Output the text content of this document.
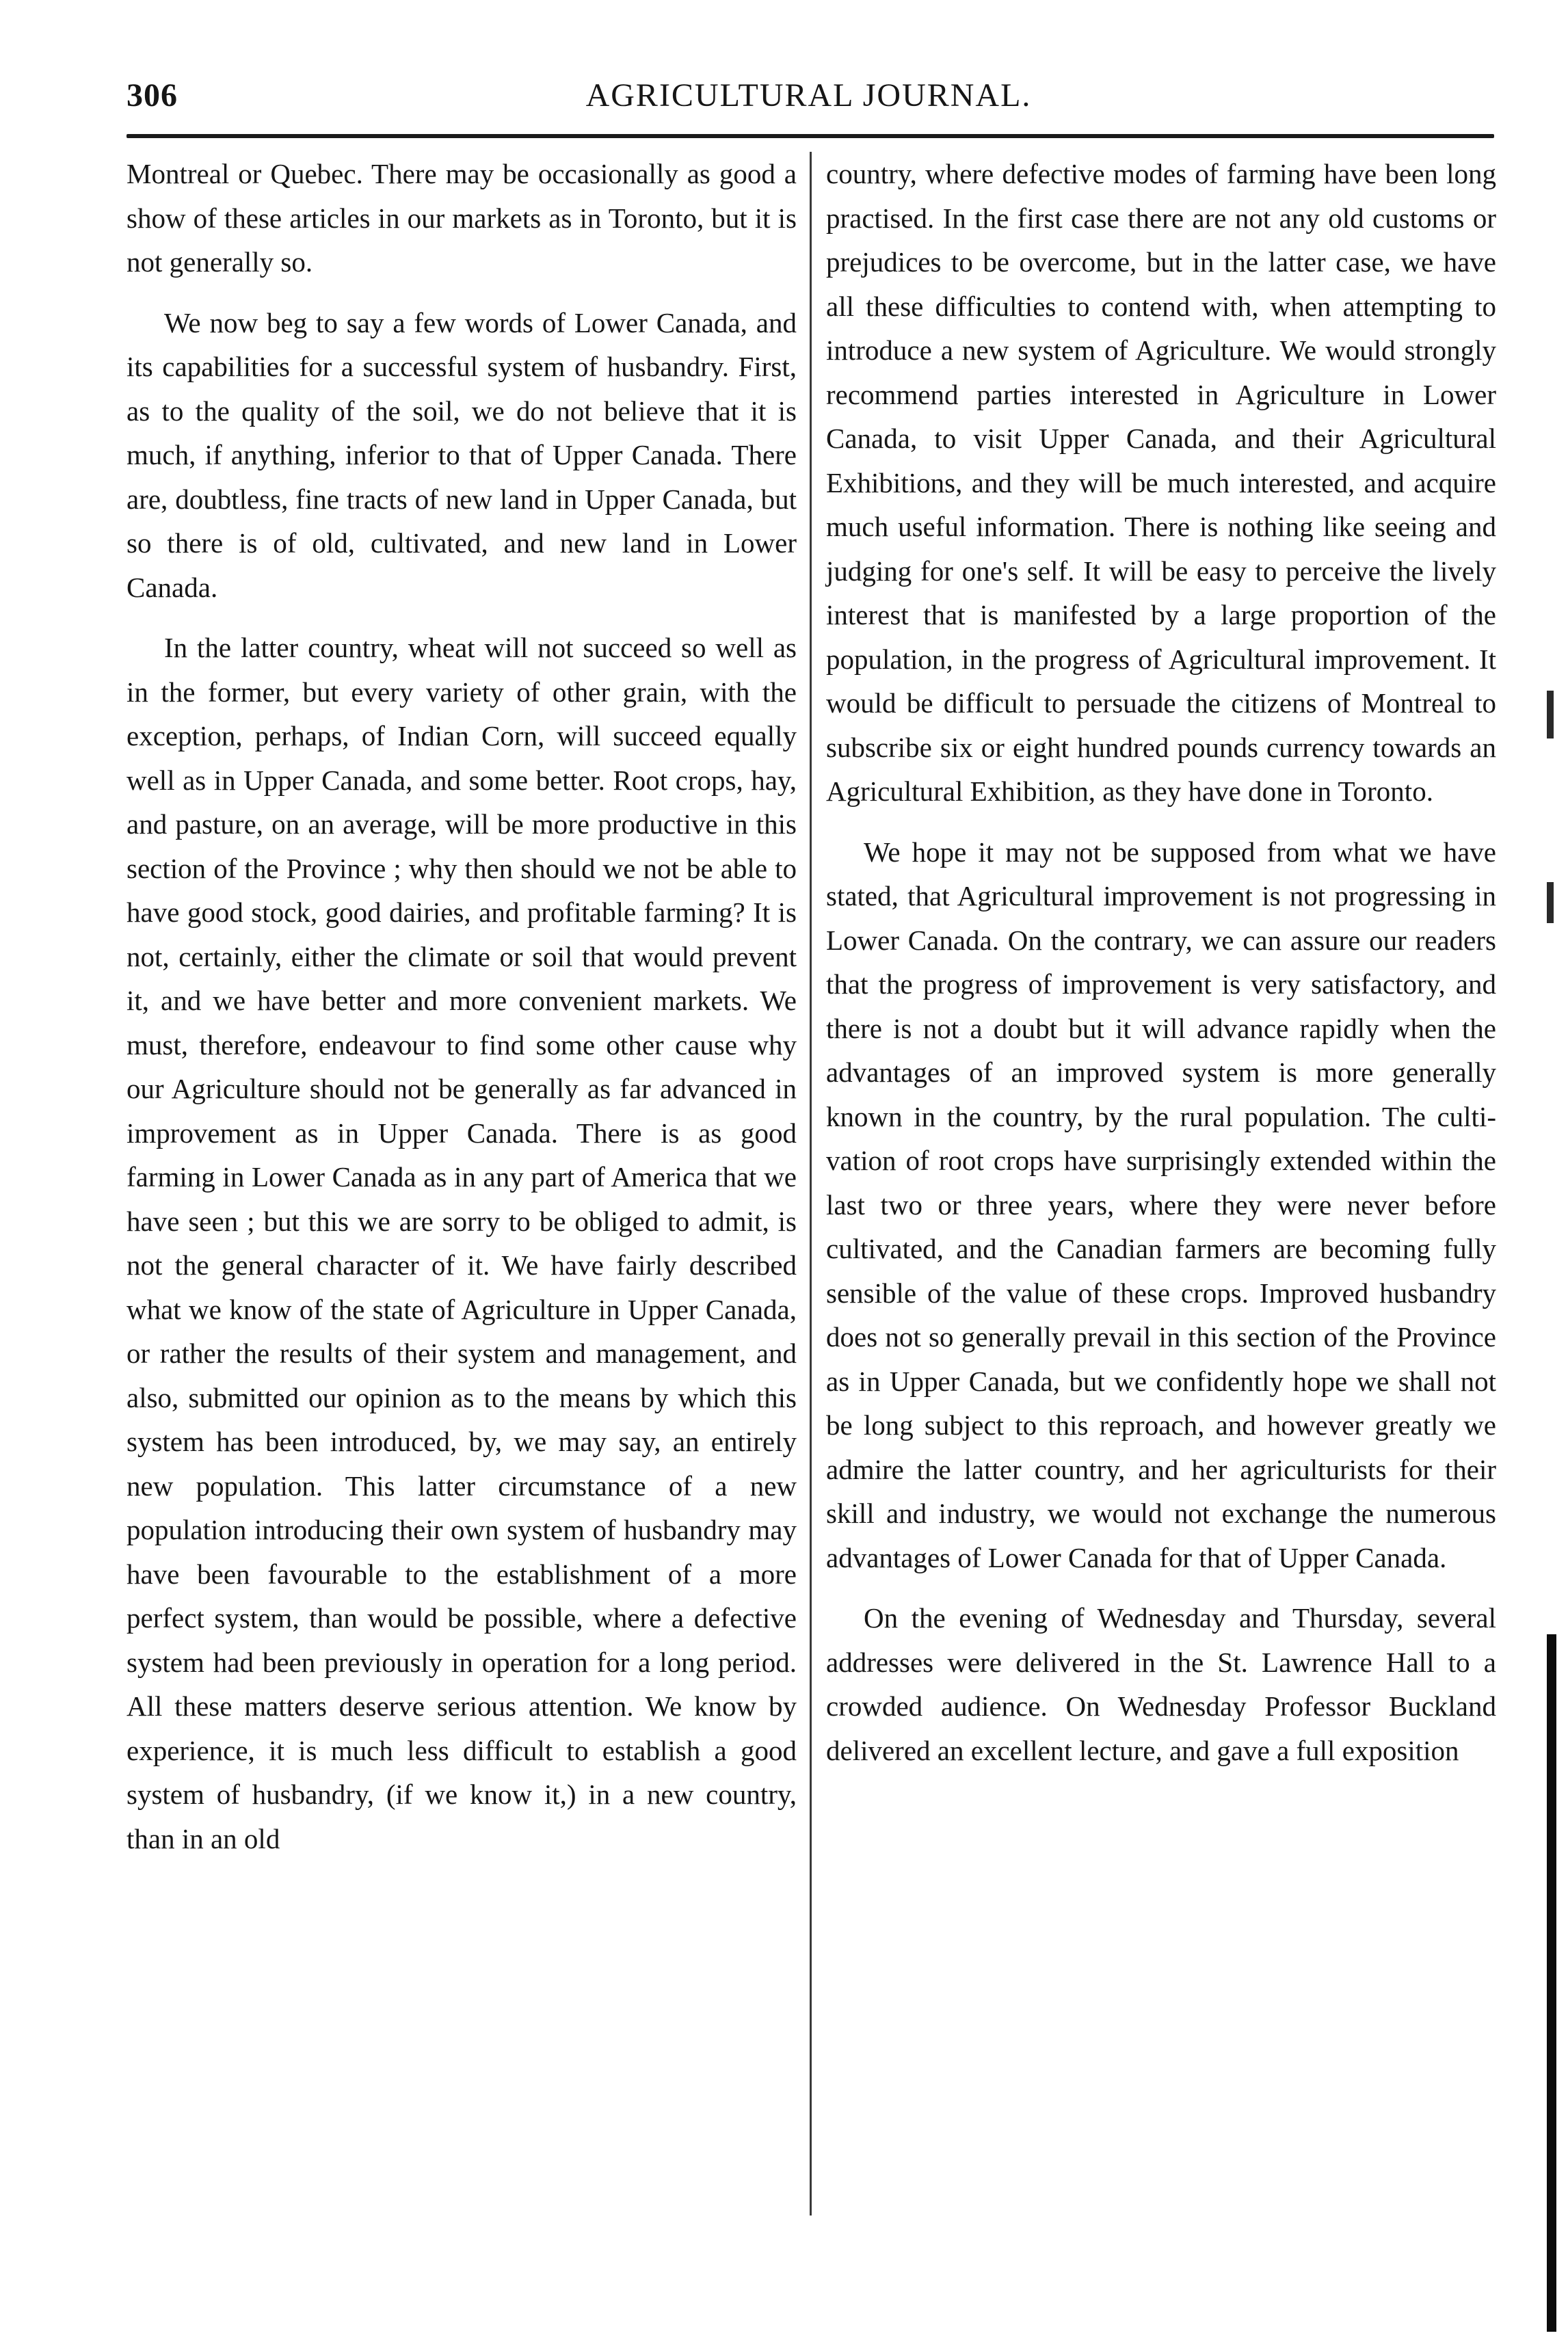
306	AGRICULTURAL JOURNAL.

Montreal or Quebec. There may be occasionally as good a show of these articles in our markets as in Toronto, but it is not generally so.

We now beg to say a few words of Lower Canada, and its capabilities for a successful system of husbandry. First, as to the quality of the soil, we do not believe that it is much, if anything, inferior to that of Upper Canada. There are, doubtless, fine tracts of new land in Upper Canada, but so there is of old, cultivated, and new land in Lower Canada.

In the latter country, wheat will not succeed so well as in the former, but every variety of other grain, with the exception, perhaps, of Indian Corn, will succeed equally well as in Upper Canada, and some better. Root crops, hay, and pasture, on an average, will be more productive in this section of the Province ; why then should we not be able to have good stock, good dairies, and profitable farming? It is not, certainly, either the climate or soil that would prevent it, and we have better and more convenient markets. We must, therefore, endeavour to find some other cause why our Agriculture should not be generally as far advanced in improvement as in Upper Canada. There is as good farming in Lower Canada as in any part of America that we have seen ; but this we are sorry to be obliged to admit, is not the general character of it. We have fairly described what we know of the state of Agriculture in Upper Canada, or rather the results of their system and management, and also, submitted our opinion as to the means by which this system has been introduced, by, we may say, an entirely new population. This latter circumstance of a new population introducing their own system of husbandry may have been favourable to the establishment of a more perfect system, than would be possible, where a defective system had been previously in operation for a long period. All these matters deserve serious attention. We know by experience, it is much less difficult to establish a good system of husbandry, (if we know it,) in a new country, than in an old

country, where defective modes of farming have been long practised. In the first case there are not any old customs or prejudices to be overcome, but in the latter case, we have all these difficulties to contend with, when attempting to introduce a new system of Agriculture. We would strongly recommend parties interested in Agriculture in Lower Canada, to visit Upper Canada, and their Agricultural Exhibitions, and they will be much interested, and acquire much useful information. There is nothing like seeing and judging for one's self. It will be easy to perceive the lively interest that is manifested by a large proportion of the population, in the progress of Agricultural improvement. It would be difficult to persuade the citizens of Montreal to subscribe six or eight hundred pounds currency towards an Agricultural Exhibition, as they have done in Toronto.

We hope it may not be supposed from what we have stated, that Agricultural improvement is not progressing in Lower Canada. On the contrary, we can assure our readers that the progress of improvement is very satisfactory, and there is not a doubt but it will advance rapidly when the advantages of an improved system is more generally known in the country, by the rural population. The cultivation of root crops have surprisingly extended within the last two or three years, where they were never before cultivated, and the Canadian farmers are becoming fully sensible of the value of these crops. Improved husbandry does not so generally prevail in this section of the Province as in Upper Canada, but we confidently hope we shall not be long subject to this reproach, and however greatly we admire the latter country, and her agriculturists for their skill and industry, we would not exchange the numerous advantages of Lower Canada for that of Upper Canada.

On the evening of Wednesday and Thursday, several addresses were delivered in the St. Lawrence Hall to a crowded audience. On Wednesday Professor Buckland delivered an excellent lecture, and gave a full exposition
